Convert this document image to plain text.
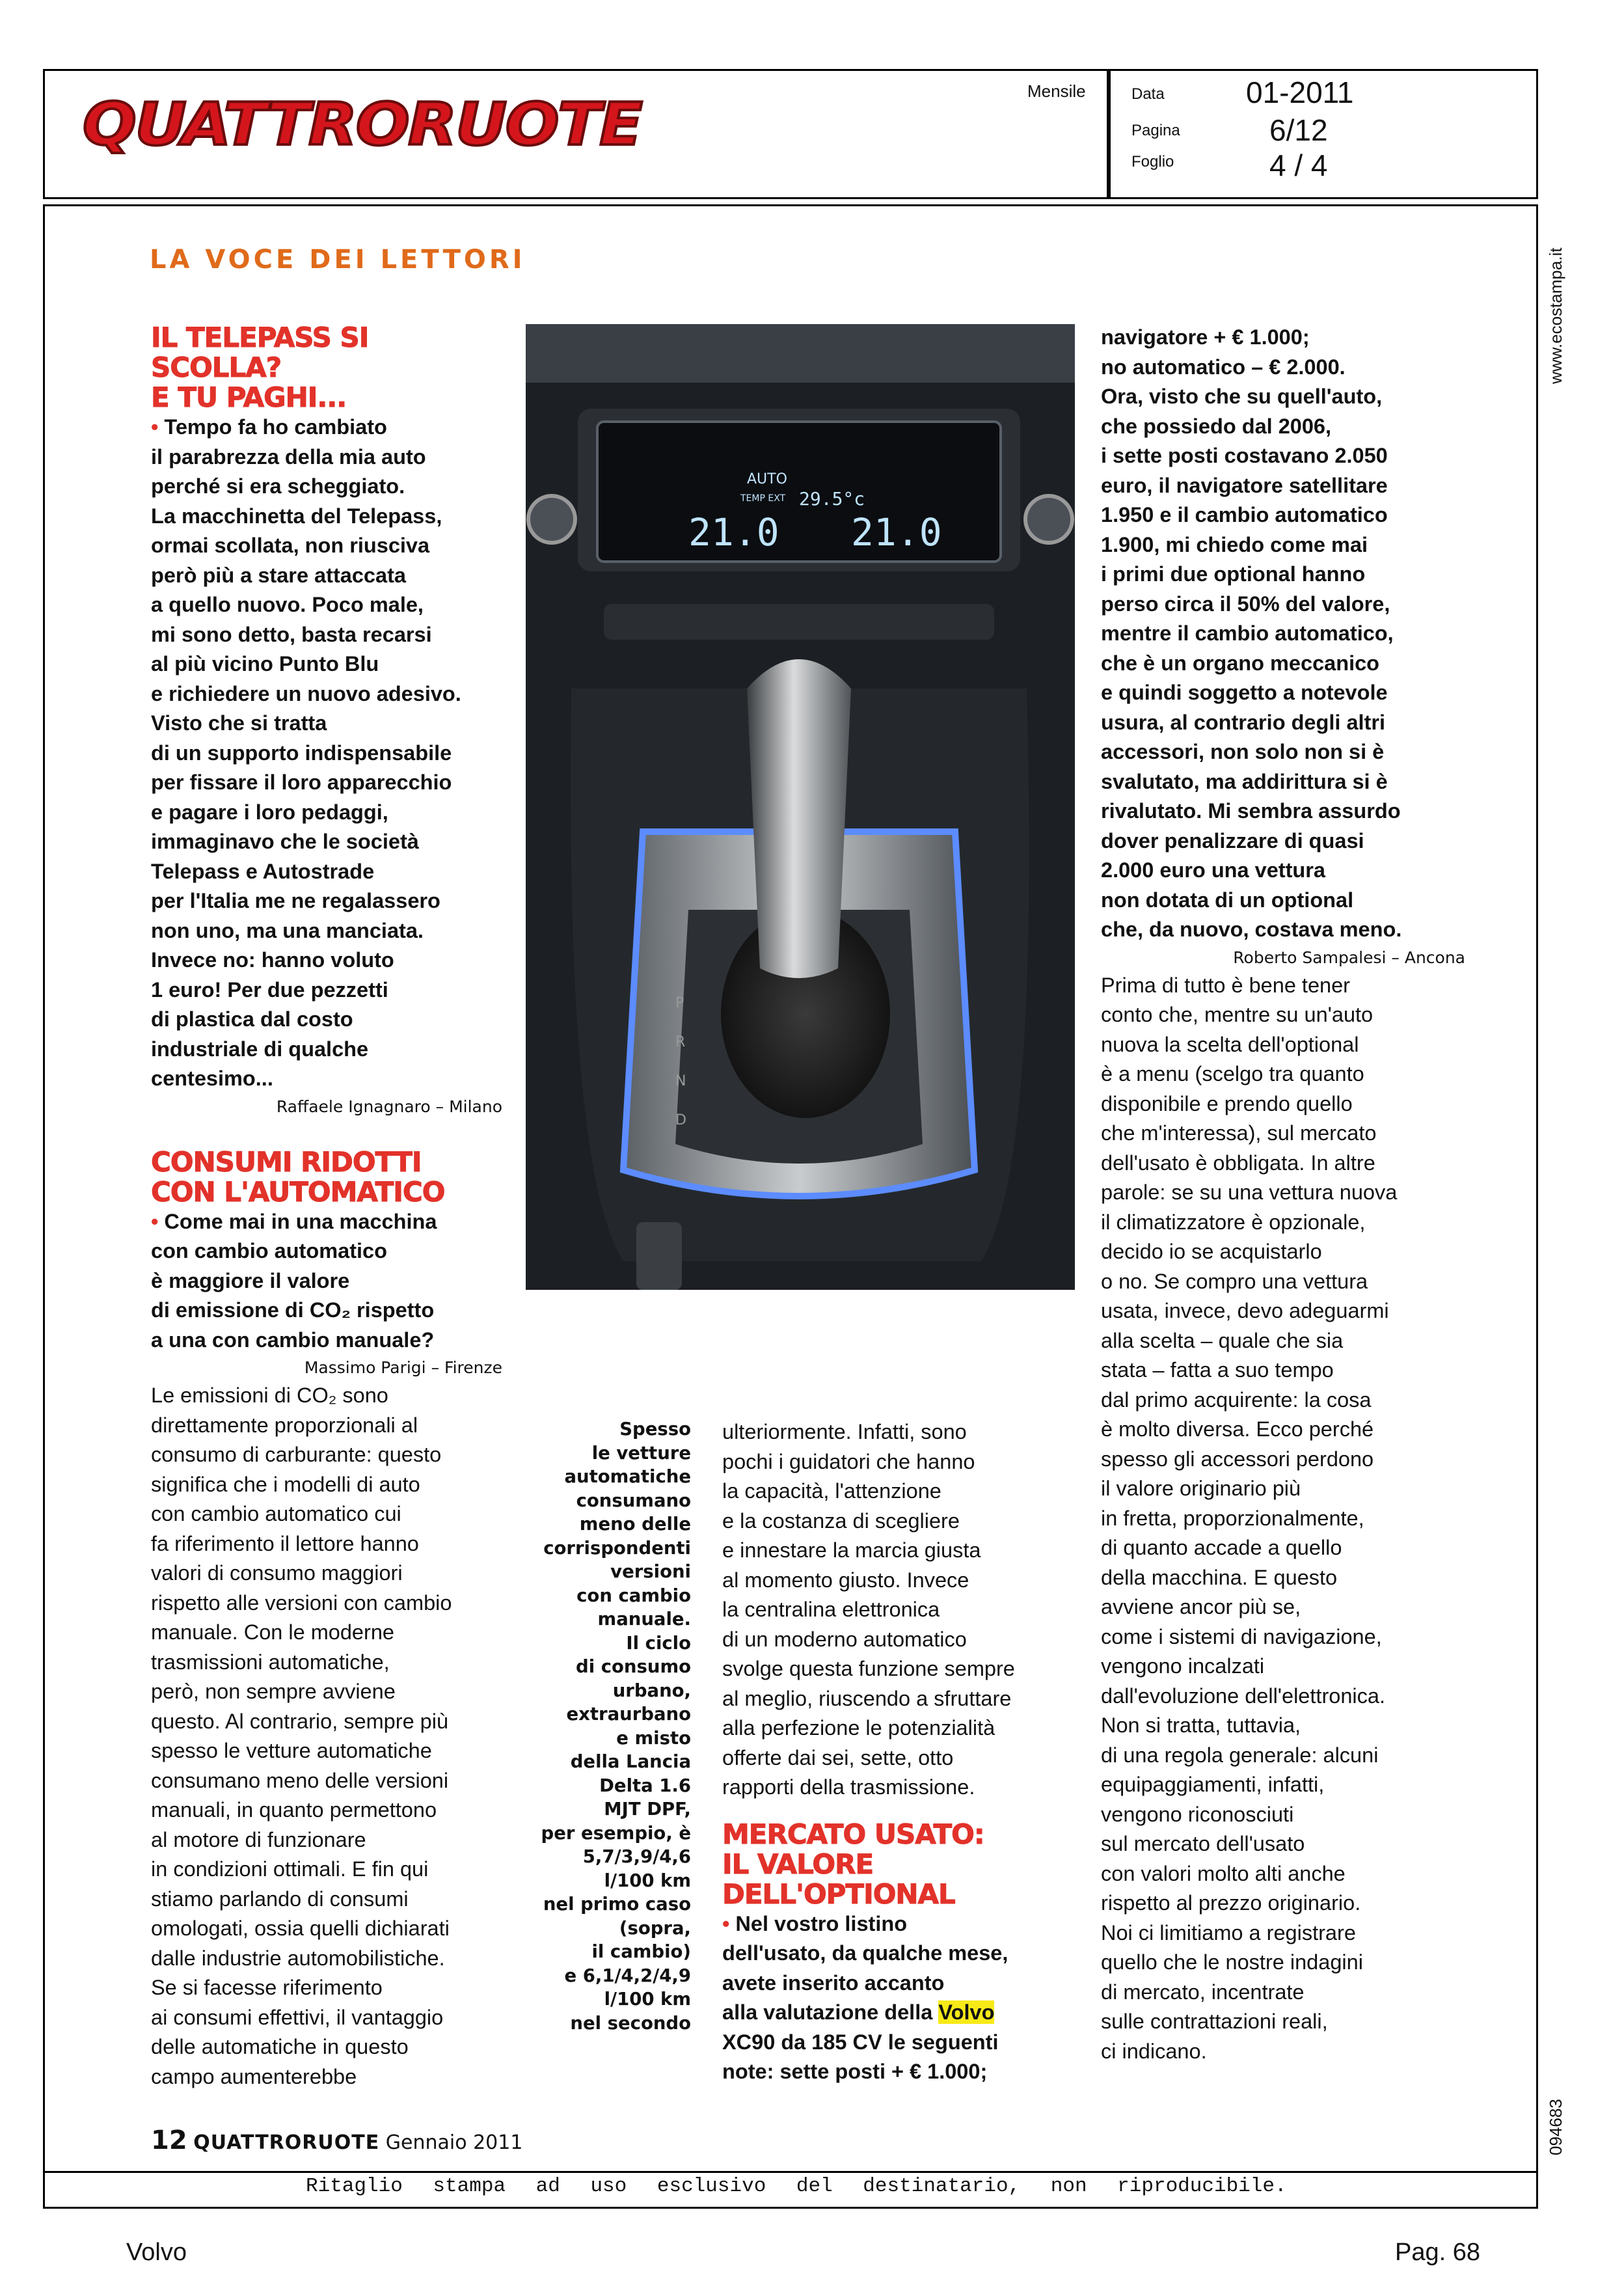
QUATTRORUOTE	Mensile	Data	01-2011
Pagina	6/12
Foglio	4 / 4
www.ecostampa.it
094683
LA VOCE DEI LETTORI
IL TELEPASS SI SCOLLA?
E TU PAGHI...
• Tempo fa ho cambiato
il parabrezza della mia auto
perché si era scheggiato.
La macchinetta del Telepass,
ormai scollata, non riusciva
però più a stare attaccata
a quello nuovo. Poco male,
mi sono detto, basta recarsi
al più vicino Punto Blu
e richiedere un nuovo adesivo.
Visto che si tratta
di un supporto indispensabile
per fissare il loro apparecchio
e pagare i loro pedaggi,
immaginavo che le società
Telepass e Autostrade
per l'Italia me ne regalassero
non uno, ma una manciata.
Invece no: hanno voluto
1 euro! Per due pezzetti
di plastica dal costo
industriale di qualche
centesimo...
Raffaele Ignagnaro – Milano
CONSUMI RIDOTTI
CON L'AUTOMATICO
• Come mai in una macchina
con cambio automatico
è maggiore il valore
di emissione di CO₂ rispetto
a una con cambio manuale?
Massimo Parigi – Firenze
Le emissioni di CO₂ sono
direttamente proporzionali al
consumo di carburante: questo
significa che i modelli di auto
con cambio automatico cui
fa riferimento il lettore hanno
valori di consumo maggiori
rispetto alle versioni con cambio
manuale. Con le moderne
trasmissioni automatiche,
però, non sempre avviene
questo. Al contrario, sempre più
spesso le vetture automatiche
consumano meno delle versioni
manuali, in quanto permettono
al motore di funzionare
in condizioni ottimali. E fin qui
stiamo parlando di consumi
omologati, ossia quelli dichiarati
dalle industrie automobilistiche.
Se si facesse riferimento
ai consumi effettivi, il vantaggio
delle automatiche in questo
campo aumenterebbe
AUTO
TEMP EXT 29.5°c
21.0 21.0
P
R
N
D
Spesso
le vetture
automatiche
consumano
meno delle
corrispondenti
versioni
con cambio
manuale.
Il ciclo
di consumo
urbano,
extraurbano
e misto
della Lancia
Delta 1.6
MJT DPF,
per esempio, è
5,7/3,9/4,6
l/100 km
nel primo caso
(sopra,
il cambio)
e 6,1/4,2/4,9
l/100 km
nel secondo
ulteriormente. Infatti, sono
pochi i guidatori che hanno
la capacità, l'attenzione
e la costanza di scegliere
e innestare la marcia giusta
al momento giusto. Invece
la centralina elettronica
di un moderno automatico
svolge questa funzione sempre
al meglio, riuscendo a sfruttare
alla perfezione le potenzialità
offerte dai sei, sette, otto
rapporti della trasmissione.
MERCATO USATO:
IL VALORE DELL'OPTIONAL
• Nel vostro listino
dell'usato, da qualche mese,
avete inserito accanto
alla valutazione della Volvo
XC90 da 185 CV le seguenti
note: sette posti + € 1.000;
navigatore + € 1.000;
no automatico – € 2.000.
Ora, visto che su quell'auto,
che possiedo dal 2006,
i sette posti costavano 2.050
euro, il navigatore satellitare
1.950 e il cambio automatico
1.900, mi chiedo come mai
i primi due optional hanno
perso circa il 50% del valore,
mentre il cambio automatico,
che è un organo meccanico
e quindi soggetto a notevole
usura, al contrario degli altri
accessori, non solo non si è
svalutato, ma addirittura si è
rivalutato. Mi sembra assurdo
dover penalizzare di quasi
2.000 euro una vettura
non dotata di un optional
che, da nuovo, costava meno.
Roberto Sampalesi – Ancona
Prima di tutto è bene tener
conto che, mentre su un'auto
nuova la scelta dell'optional
è a menu (scelgo tra quanto
disponibile e prendo quello
che m'interessa), sul mercato
dell'usato è obbligata. In altre
parole: se su una vettura nuova
il climatizzatore è opzionale,
decido io se acquistarlo
o no. Se compro una vettura
usata, invece, devo adeguarmi
alla scelta – quale che sia
stata – fatta a suo tempo
dal primo acquirente: la cosa
è molto diversa. Ecco perché
spesso gli accessori perdono
il valore originario più
in fretta, proporzionalmente,
di quanto accade a quello
della macchina. E questo
avviene ancor più se,
come i sistemi di navigazione,
vengono incalzati
dall'evoluzione dell'elettronica.
Non si tratta, tuttavia,
di una regola generale: alcuni
equipaggiamenti, infatti,
vengono riconosciuti
sul mercato dell'usato
con valori molto alti anche
rispetto al prezzo originario.
Noi ci limitiamo a registrare
quello che le nostre indagini
di mercato, incentrate
sulle contrattazioni reali,
ci indicano.
12 QUATTRORUOTE Gennaio 2011
Ritaglio stampa ad uso esclusivo del destinatario, non riproducibile.
Volvo	Pag. 68
